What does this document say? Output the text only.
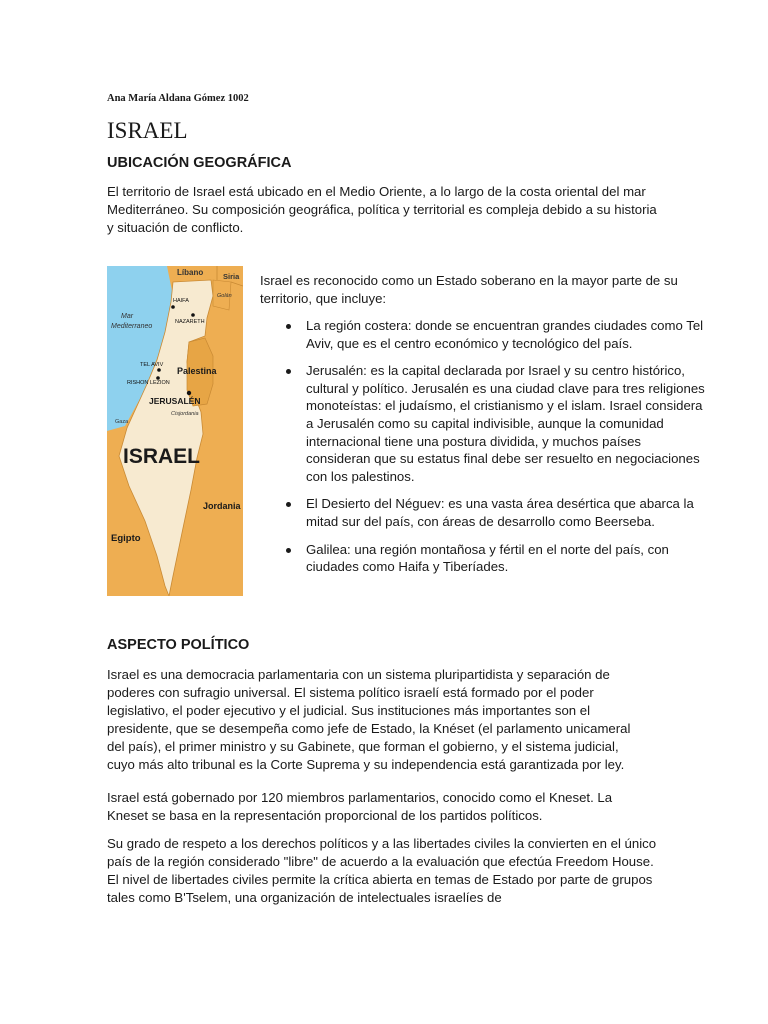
Ana María Aldana Gómez 1002
ISRAEL
UBICACIÓN GEOGRÁFICA

El territorio de Israel está ubicado en el Medio Oriente, a lo largo de la costa oriental del mar Mediterráneo. Su composición geográfica, política y territorial es compleja debido a su historia y situación de conflicto.

Líbano	Siria
Golán
HAIFA
NAZARETH
Mar
Mediterraneo
TEL AVIV
RISHON LEZION
Palestina
JERUSALÉN
Cisjordania
Gaza
ISRAEL
Jordania
Egipto

Israel es reconocido como un Estado soberano en la mayor parte de su territorio, que incluye:

La región costera: donde se encuentran grandes ciudades como Tel Aviv, que es el centro económico y tecnológico del país.
Jerusalén: es la capital declarada por Israel y su centro histórico, cultural y político. Jerusalén es una ciudad clave para tres religiones monoteístas: el judaísmo, el cristianismo y el islam. Israel considera a Jerusalén como su capital indivisible, aunque la comunidad internacional tiene una postura dividida, y muchos países consideran que su estatus final debe ser resuelto en negociaciones con los palestinos.
El Desierto del Néguev: es una vasta área desértica que abarca la mitad sur del país, con áreas de desarrollo como Beerseba.
Galilea: una región montañosa y fértil en el norte del país, con ciudades como Haifa y Tiberíades.
ASPECTO POLÍTICO

Israel es una democracia parlamentaria con un sistema pluripartidista y separación de poderes con sufragio universal. El sistema político israelí está formado por el poder legislativo, el poder ejecutivo y el judicial. Sus instituciones más importantes son el presidente, que se desempeña como jefe de Estado, la Knéset (el parlamento unicameral del país), el primer ministro y su Gabinete, que forman el gobierno, y el sistema judicial, cuyo más alto tribunal es la Corte Suprema y su independencia está garantizada por ley.

Israel está gobernado por 120 miembros parlamentarios, conocido como el Kneset. La Kneset se basa en la representación proporcional de los partidos políticos.

Su grado de respeto a los derechos políticos y a las libertades civiles la convierten en el único país de la región considerado "libre" de acuerdo a la evaluación que efectúa Freedom House. El nivel de libertades civiles permite la crítica abierta en temas de Estado por parte de grupos tales como B'Tselem, una organización de intelectuales israelíes de
